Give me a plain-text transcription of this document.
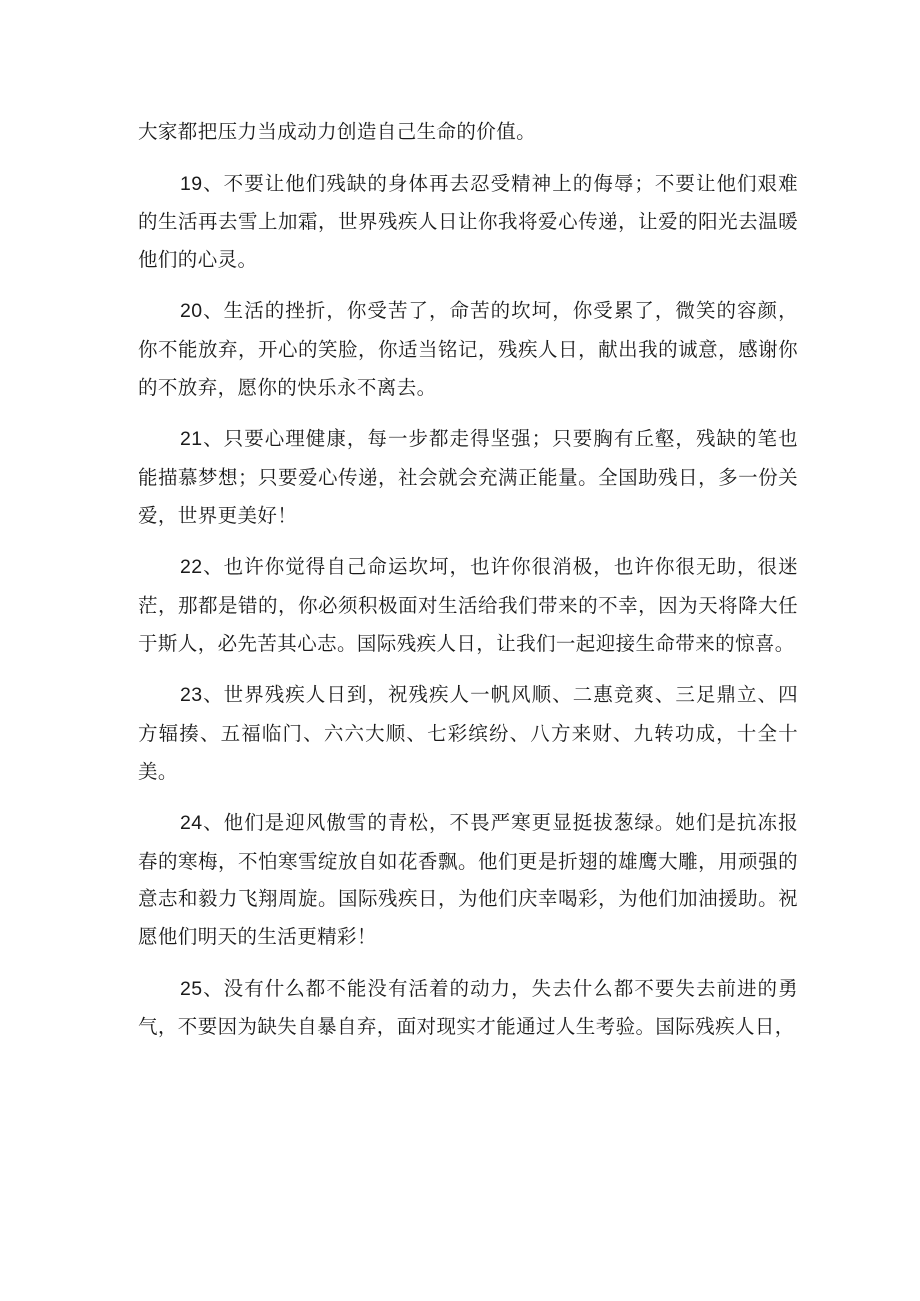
大家都把压力当成动力创造自己生命的价值。

19、不要让他们残缺的身体再去忍受精神上的侮辱；不要让他们艰难的生活再去雪上加霜，世界残疾人日让你我将爱心传递，让爱的阳光去温暖他们的心灵。

20、生活的挫折，你受苦了，命苦的坎坷，你受累了，微笑的容颜，你不能放弃，开心的笑脸，你适当铭记，残疾人日，献出我的诚意，感谢你的不放弃，愿你的快乐永不离去。

21、只要心理健康，每一步都走得坚强；只要胸有丘壑，残缺的笔也能描慕梦想；只要爱心传递，社会就会充满正能量。全国助残日，多一份关爱，世界更美好！

22、也许你觉得自己命运坎坷，也许你很消极，也许你很无助，很迷茫，那都是错的，你必须积极面对生活给我们带来的不幸，因为天将降大任于斯人，必先苦其心志。国际残疾人日，让我们一起迎接生命带来的惊喜。

23、世界残疾人日到，祝残疾人一帆风顺、二惠竞爽、三足鼎立、四方辐揍、五福临门、六六大顺、七彩缤纷、八方来财、九转功成，十全十美。

24、他们是迎风傲雪的青松，不畏严寒更显挺拔葱绿。她们是抗冻报春的寒梅，不怕寒雪绽放自如花香飘。他们更是折翅的雄鹰大雕，用顽强的意志和毅力飞翔周旋。国际残疾日，为他们庆幸喝彩，为他们加油援助。祝愿他们明天的生活更精彩！

25、没有什么都不能没有活着的动力，失去什么都不要失去前进的勇气，不要因为缺失自暴自弃，面对现实才能通过人生考验。国际残疾人日，
